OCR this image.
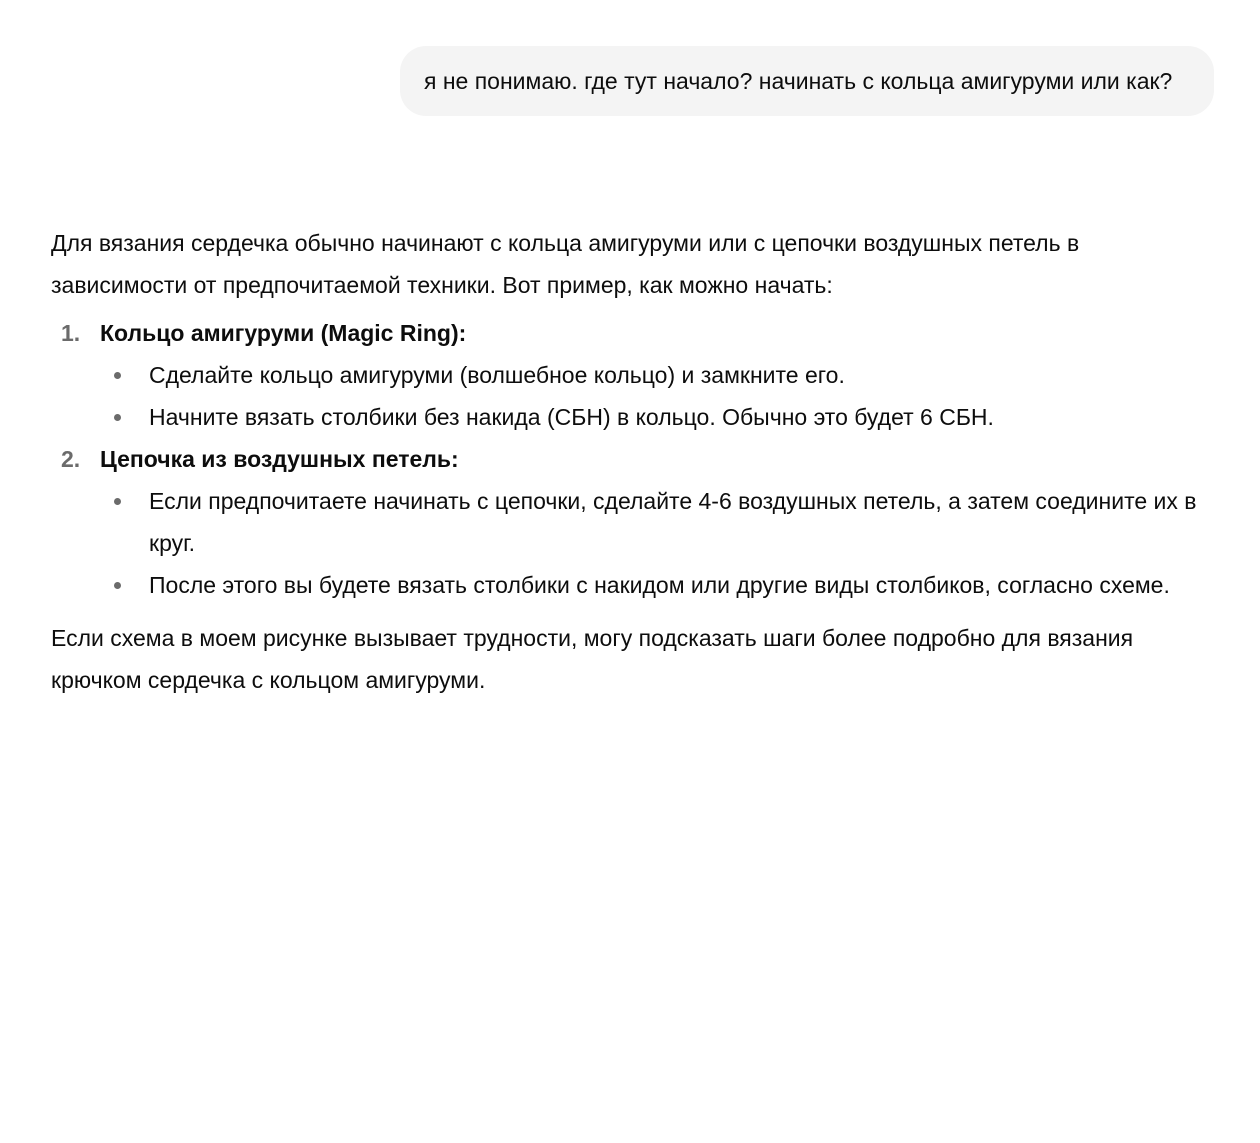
я не понимаю. где тут начало? начинать с кольца амигуруми или как?

Для вязания сердечка обычно начинают с кольца амигуруми или с цепочки воздушных петель в зависимости от предпочитаемой техники. Вот пример, как можно начать:

1. Кольцо амигуруми (Magic Ring):
Сделайте кольцо амигуруми (волшебное кольцо) и замкните его.
Начните вязать столбики без накида (СБН) в кольцо. Обычно это будет 6 СБН.
2. Цепочка из воздушных петель:
Если предпочитаете начинать с цепочки, сделайте 4-6 воздушных петель, а затем соедините их в круг.
После этого вы будете вязать столбики с накидом или другие виды столбиков, согласно схеме.

Если схема в моем рисунке вызывает трудности, могу подсказать шаги более подробно для вязания крючком сердечка с кольцом амигуруми.
